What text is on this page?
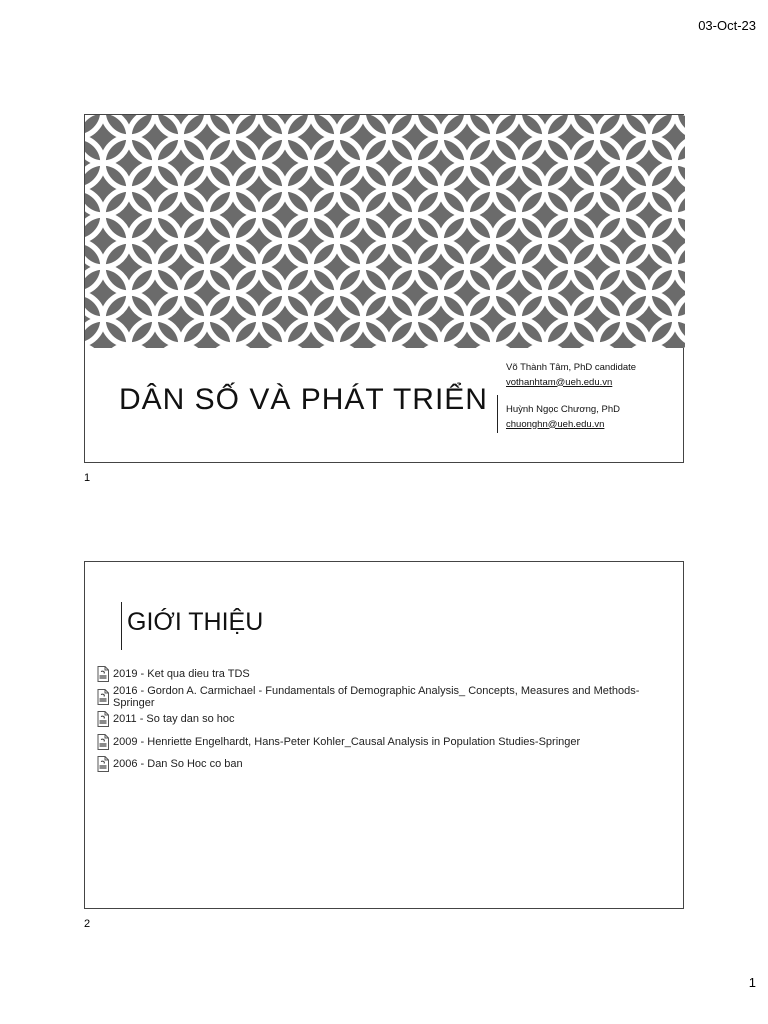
03-Oct-23
DÂN SỐ VÀ PHÁT TRIỂN
Võ Thành Tâm, PhD candidate
vothanhtam@ueh.edu.vn
Huỳnh Ngọc Chương, PhD
chuonghn@ueh.edu.vn
1
GIỚI THIỆU
2019 - Ket qua dieu tra TDS
2016 - Gordon A. Carmichael - Fundamentals of Demographic Analysis_ Concepts, Measures and Methods-Springer
2011 - So tay dan so hoc
2009 - Henriette Engelhardt, Hans-Peter Kohler_Causal Analysis in Population Studies-Springer
2006 - Dan So Hoc co ban
2
1
